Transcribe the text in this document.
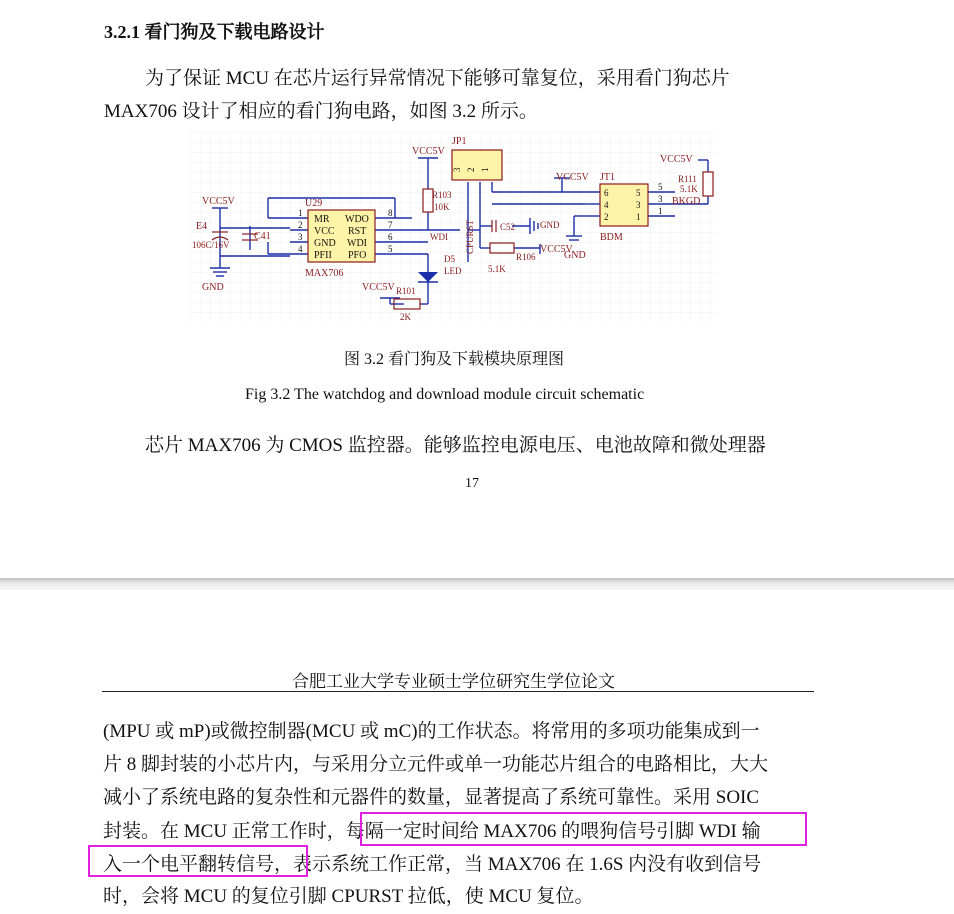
3.2.1 看门狗及下载电路设计
为了保证 MCU 在芯片运行异常情况下能够可靠复位，采用看门狗芯片
MAX706 设计了相应的看门狗电路，如图 3.2 所示。
VCC5V
VCC5V
GND
U29
MAX706
E4
C41
106C/16V
R103
10K
WDI
D5
LED
VCC5V R101
2K
JP1
5.1K
R106
C52	GND
VCC5V
GND
VCC5V JT1
BDM
VCC5V
R111
5.1K
BKGD
CPURST
MR
VCC
GND
PFII
WDO
RST
WDI
PFO
1
2
3
4
8
7
6
5
3 2 1
6
4
2
5
3
1
5
3
1
图 3.2 看门狗及下载模块原理图
Fig 3.2 The watchdog and download module circuit schematic
芯片 MAX706 为 CMOS 监控器。能够监控电源电压、电池故障和微处理器
17
合肥工业大学专业硕士学位研究生学位论文
(MPU 或 mP)或微控制器(MCU 或 mC)的工作状态。将常用的多项功能集成到一
片 8 脚封装的小芯片内，与采用分立元件或单一功能芯片组合的电路相比，大大
减小了系统电路的复杂性和元器件的数量，显著提高了系统可靠性。采用 SOIC
封装。在 MCU 正常工作时，每隔一定时间给 MAX706 的喂狗信号引脚 WDI 输
入一个电平翻转信号，表示系统工作正常，当 MAX706 在 1.6S 内没有收到信号
时，会将 MCU 的复位引脚 CPURST 拉低，使 MCU 复位。
